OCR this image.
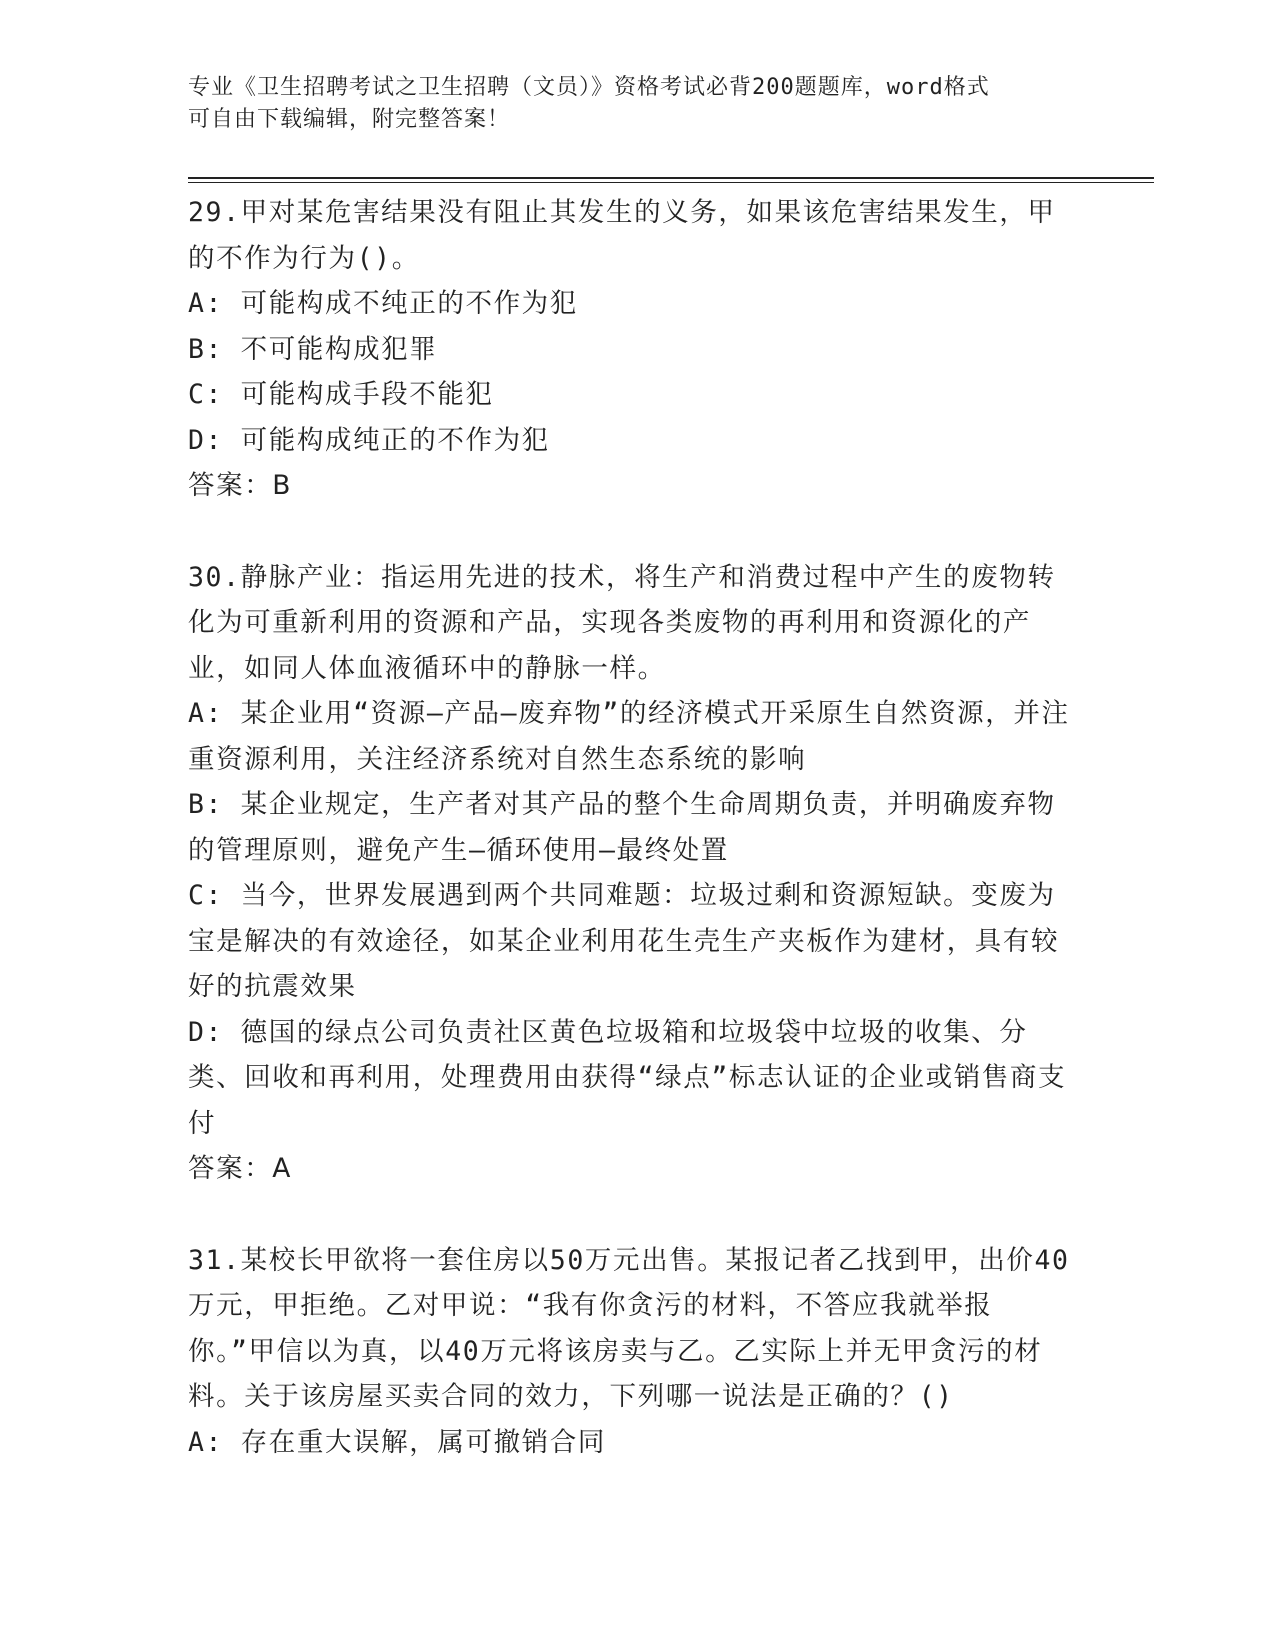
专业《卫生招聘考试之卫生招聘（文员）》资格考试必背200题题库，word格式
可自由下载编辑，附完整答案！

29.甲对某危害结果没有阻止其发生的义务，如果该危害结果发生，甲的不作为行为()。

A: 可能构成不纯正的不作为犯

B: 不可能构成犯罪

C: 可能构成手段不能犯

D: 可能构成纯正的不作为犯

答案：B

30.静脉产业：指运用先进的技术，将生产和消费过程中产生的废物转化为可重新利用的资源和产品，实现各类废物的再利用和资源化的产业，如同人体血液循环中的静脉一样。

A: 某企业用“资源—产品—废弃物”的经济模式开采原生自然资源，并注重资源利用，关注经济系统对自然生态系统的影响

B: 某企业规定，生产者对其产品的整个生命周期负责，并明确废弃物的管理原则，避免产生—循环使用—最终处置

C: 当今，世界发展遇到两个共同难题：垃圾过剩和资源短缺。变废为宝是解决的有效途径，如某企业利用花生壳生产夹板作为建材，具有较好的抗震效果

D: 德国的绿点公司负责社区黄色垃圾箱和垃圾袋中垃圾的收集、分类、回收和再利用，处理费用由获得“绿点”标志认证的企业或销售商支付

答案：A

31.某校长甲欲将一套住房以50万元出售。某报记者乙找到甲，出价40万元，甲拒绝。乙对甲说：“我有你贪污的材料，不答应我就举报你。”甲信以为真，以40万元将该房卖与乙。乙实际上并无甲贪污的材料。关于该房屋买卖合同的效力，下列哪一说法是正确的？()

A: 存在重大误解，属可撤销合同
